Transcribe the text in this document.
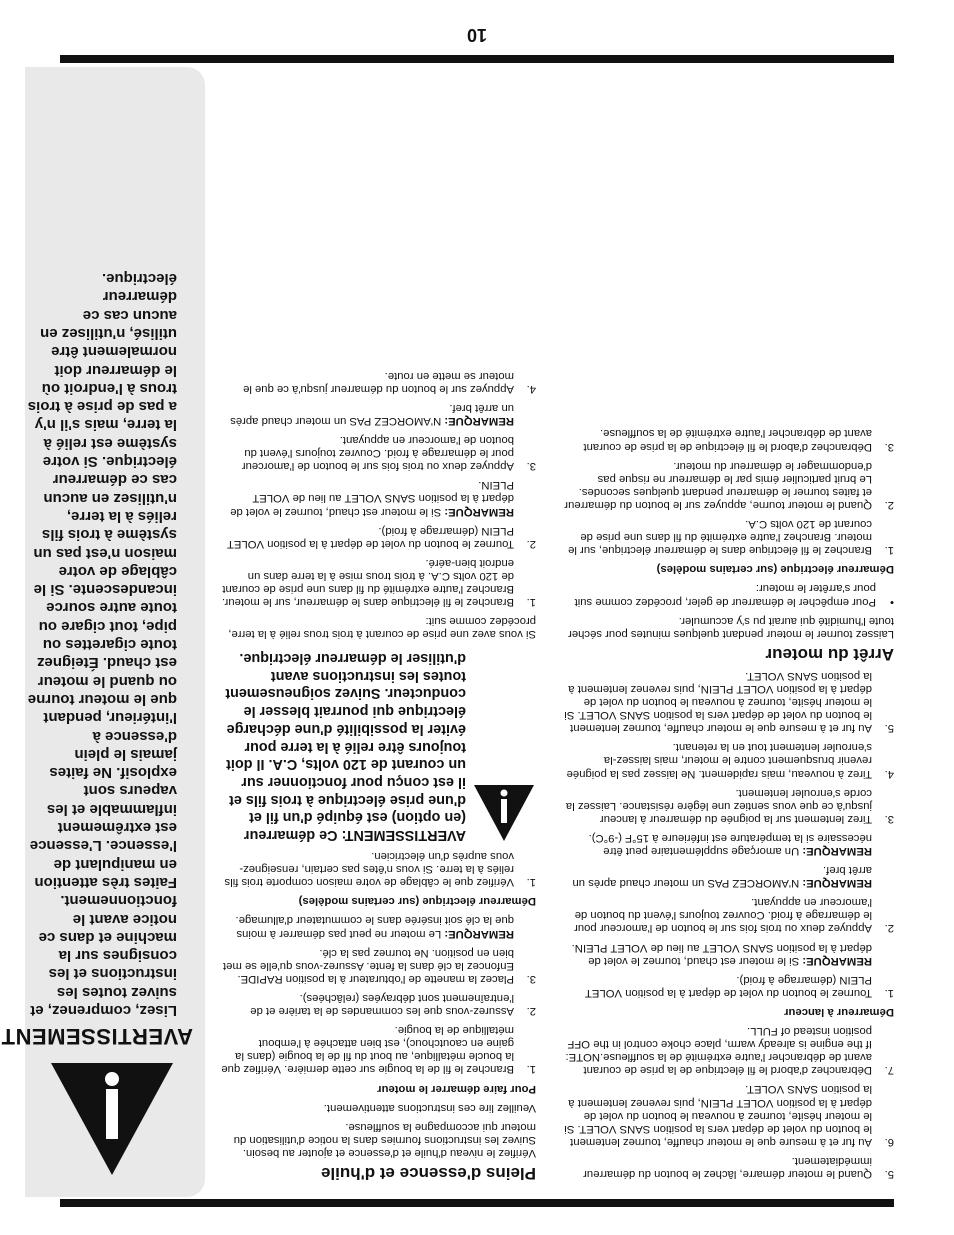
10
AVERTISSEMENT
Lisez, comprenez, et suivez toutes les instructions et les consignes sur la machine et dans ce notice avant le fonctionnement. Faites très attention en manipulant de l'essence. L'essence est extrêmement inflammable et les vapeurs sont explosif. Ne faites jamais le plein d'essence à l'intérieur, pendant que le moteur tourne ou quand le moteur est chaud. Éteignez toute cigarettes ou pipe, tout cigare ou toute autre source incandescente. Si le câblage de votre maison n'est pas un système à trois fils reliés à la terre, n'utilisez en aucun cas ce démarreur électrique. Si votre système est relié à la terre, mais s'il n'y a pas de prise à trois trous à l'endroit où le démarreur doit normalement être utilisé, n'utilisez en aucun cas ce démarreur électrique.
Pleins d'essence et d'huile

Vérifiez le niveau d'huile et d'essence et ajouter au besoin. Suivez les instructions fournies dans la notice d'utilisation du moteur qui accompagne la souffleuse.

Veuillez lire ces instructions attentivement.

Pour faire démarrer le moteur
1.
Branchez le fil de la bougie sur cette dernière. Vérifiez que la boucle métallique, au bout du fil de la bougie (dans la gaine en caoutchouc), est bien attachée à l'embout métallique de la bougie.
2.
Assurez-vous que les commandes de la tarière et de l'entraînement sont débrayées (relâchées).
3.
Placez la manette de l'obturateur à la position RAPIDE. Enfoncez la clé dans la fente. Assurez-vous qu'elle se met bien en position. Ne tournez pas la clé.
REMARQUE: Le moteur ne peut pas démarrer à moins que la clé soit insérée dans le commutateur d'allumage.
Démarreur électrique (sur certains modèles)
1.
Vérifiez que le câblage de votre maison comporte trois fils reliés à la terre. Si vous n'êtes pas certain, renseignez-vous auprès d'un électricien.
AVERTISSEMENT: Ce démarreur (en option) est équipé d'un fil et d'une prise électrique à trois fils et il est conçu pour fonctionner sur un courant de 120 volts, C.A. Il doit toujours être relié à la terre pour éviter la possibilité d'une décharge électrique qui pourrait blesser le conducteur. Suivez soigneusement toutes les instructions avant d'utiliser le démarreur électrique.

Si vous avez une prise de courant à trois trous relié à la terre, procédez comme suit:

1.
Branchez le fil électrique dans le démarreur, sur le moteur. Branchez l'autre extrémité du fil dans une prise de courant de 120 volts C.A. à trois trous mise à la terre dans un endroit bien-aéré.
2.
Tournez le bouton du volet de départ à la position VOLET PLEIN (démarrage à froid).
REMARQUE: Si le moteur est chaud, tournez le volet de départ à la position SANS VOLET au lieu de VOLET PLEIN.
3.
Appuyez deux ou trois fois sur le bouton de l'amorceur pour le démarrage à froid. Couvrez toujours l'évent du bouton de l'amorceur en appuyant.
REMARQUE: N'AMORCEZ PAS un moteur chaud après un arrêt bref.
4.
Appuyez sur le bouton du démarreur jusqu'à ce que le moteur se mette en route.
5.
Quand le moteur démarre, lâchez le bouton du démarreur immédiatement.
6.
Au fur et à mesure que le moteur chauffe, tournez lentement le bouton du volet de départ vers la position SANS VOLET. Si le moteur hésite, tournez à nouveau le bouton du volet de départ à la position VOLET PLEIN, puis revenez lentement à la position SANS VOLET.
7.
Débranchez d'abord le fil électrique de la prise de courant avant de débrancher l'autre extrémité de la souffleuse.NOTE: If the engine is already warm, place choke control in the OFF position instead of FULL.
Démarreur à lanceur
1.
Tournez le bouton du volet de départ à la position VOLET PLEIN (démarrage à froid).
REMARQUE: Si le moteur est chaud, tournez le volet de départ à la position SANS VOLET au lieu de VOLET PLEIN.
2.
Appuyez deux ou trois fois sur le bouton de l'amorceur pour le démarrage à froid. Couvrez toujours l'évent du bouton de l'amorceur en appuyant.
REMARQUE: N'AMORCEZ PAS un moteur chaud après un arrêt bref.
REMARQUE: Un amorçage supplémentaire peut être nécessaire si la température est inférieure à 15°F (-9°C).
3.
Tirez lentement sur la poignée du démarreur à lanceur jusqu'à ce que vous sentiez une légère résistance. Laissez la corde s'enrouler lentement.
4.
Tirez à nouveau, mais rapidement. Ne laissez pas la poignée revenir brusquement contre le moteur, mais laissez-la s'enrouler lentement tout en la retenant.
5.
Au fur et à mesure que le moteur chauffe, tournez lentement le bouton du volet de départ vers la position SANS VOLET. Si le moteur hésite, tournez à nouveau le bouton du volet de départ à la position VOLET PLEIN, puis revenez lentement à la position SANS VOLET.
Arrêt du moteur

Laissez tourner le moteur pendant quelques minutes pour sécher toute l'humidité qui aurait pu s'y accumuler.

•
Pour empêcher le démarreur de geler, procédez comme suit pour s'arrêter le moteur:
Démarreur électrique (sur certains modèles)
1.
Branchez le fil électrique dans le démarreur électrique, sur le moteur. Branchez l'autre extrémité du fil dans une prise de courant de 120 volts C.A.
2.
Quand le moteur tourne, appuyez sur le bouton du démarreur et faites tourner le démarreur pendant quelques secondes. Le bruit particulier émis par le démarreur ne risque pas d'endommager le démarreur du moteur.
3.
Débranchez d'abord le fil électrique de la prise de courant avant de débrancher l'autre extrémité de la souffleuse.
